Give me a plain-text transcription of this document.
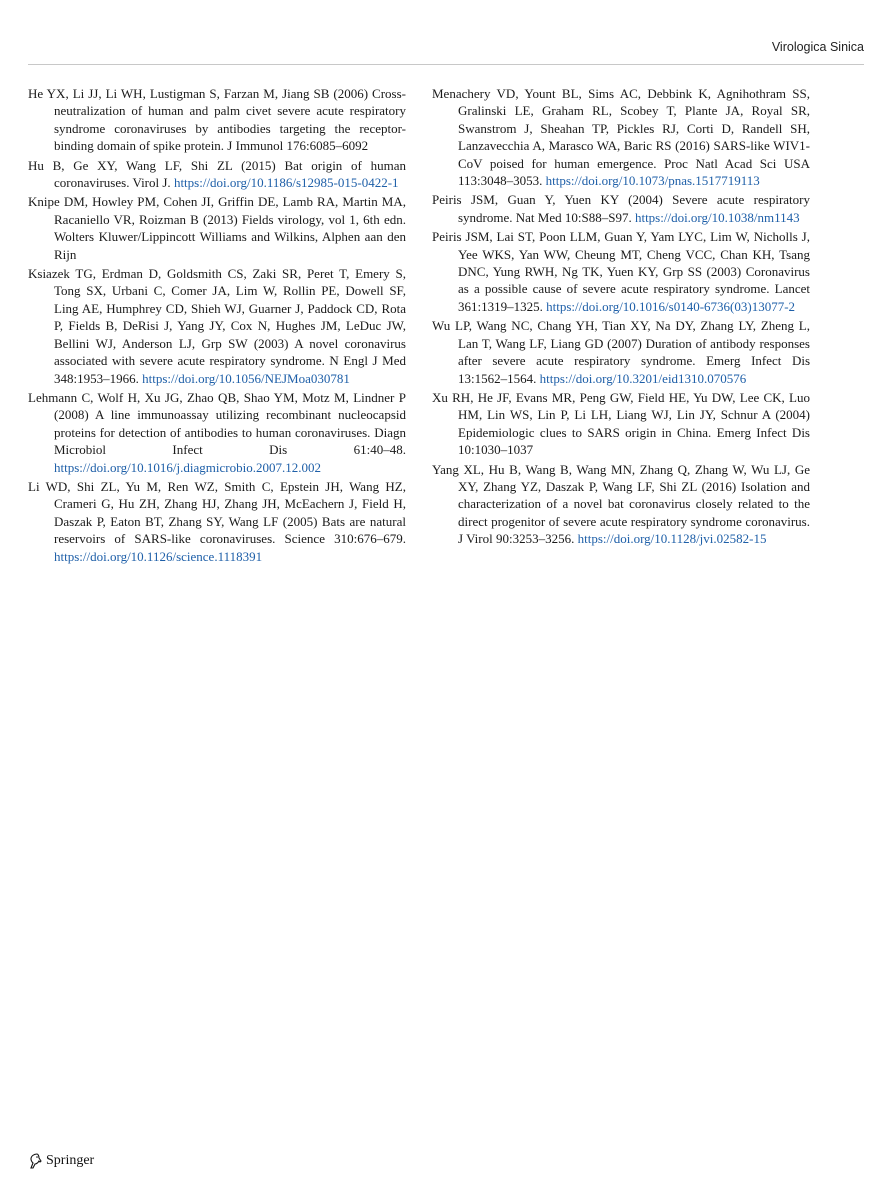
Virologica Sinica

He YX, Li JJ, Li WH, Lustigman S, Farzan M, Jiang SB (2006) Cross-neutralization of human and palm civet severe acute respiratory syndrome coronaviruses by antibodies targeting the receptor-binding domain of spike protein. J Immunol 176:6085–6092

Hu B, Ge XY, Wang LF, Shi ZL (2015) Bat origin of human coronaviruses. Virol J. https://doi.org/10.1186/s12985-015-0422-1

Knipe DM, Howley PM, Cohen JI, Griffin DE, Lamb RA, Martin MA, Racaniello VR, Roizman B (2013) Fields virology, vol 1, 6th edn. Wolters Kluwer/Lippincott Williams and Wilkins, Alphen aan den Rijn

Ksiazek TG, Erdman D, Goldsmith CS, Zaki SR, Peret T, Emery S, Tong SX, Urbani C, Comer JA, Lim W, Rollin PE, Dowell SF, Ling AE, Humphrey CD, Shieh WJ, Guarner J, Paddock CD, Rota P, Fields B, DeRisi J, Yang JY, Cox N, Hughes JM, LeDuc JW, Bellini WJ, Anderson LJ, Grp SW (2003) A novel coronavirus associated with severe acute respiratory syndrome. N Engl J Med 348:1953–1966. https://doi.org/10.1056/NEJMoa030781

Lehmann C, Wolf H, Xu JG, Zhao QB, Shao YM, Motz M, Lindner P (2008) A line immunoassay utilizing recombinant nucleocapsid proteins for detection of antibodies to human coronaviruses. Diagn Microbiol Infect Dis 61:40–48. https://doi.org/10.1016/j.diagmicrobio.2007.12.002

Li WD, Shi ZL, Yu M, Ren WZ, Smith C, Epstein JH, Wang HZ, Crameri G, Hu ZH, Zhang HJ, Zhang JH, McEachern J, Field H, Daszak P, Eaton BT, Zhang SY, Wang LF (2005) Bats are natural reservoirs of SARS-like coronaviruses. Science 310:676–679. https://doi.org/10.1126/science.1118391

Menachery VD, Yount BL, Sims AC, Debbink K, Agnihothram SS, Gralinski LE, Graham RL, Scobey T, Plante JA, Royal SR, Swanstrom J, Sheahan TP, Pickles RJ, Corti D, Randell SH, Lanzavecchia A, Marasco WA, Baric RS (2016) SARS-like WIV1-CoV poised for human emergence. Proc Natl Acad Sci USA 113:3048–3053. https://doi.org/10.1073/pnas.1517719113

Peiris JSM, Guan Y, Yuen KY (2004) Severe acute respiratory syndrome. Nat Med 10:S88–S97. https://doi.org/10.1038/nm1143

Peiris JSM, Lai ST, Poon LLM, Guan Y, Yam LYC, Lim W, Nicholls J, Yee WKS, Yan WW, Cheung MT, Cheng VCC, Chan KH, Tsang DNC, Yung RWH, Ng TK, Yuen KY, Grp SS (2003) Coronavirus as a possible cause of severe acute respiratory syndrome. Lancet 361:1319–1325. https://doi.org/10.1016/s0140-6736(03)13077-2

Wu LP, Wang NC, Chang YH, Tian XY, Na DY, Zhang LY, Zheng L, Lan T, Wang LF, Liang GD (2007) Duration of antibody responses after severe acute respiratory syndrome. Emerg Infect Dis 13:1562–1564. https://doi.org/10.3201/eid1310.070576

Xu RH, He JF, Evans MR, Peng GW, Field HE, Yu DW, Lee CK, Luo HM, Lin WS, Lin P, Li LH, Liang WJ, Lin JY, Schnur A (2004) Epidemiologic clues to SARS origin in China. Emerg Infect Dis 10:1030–1037

Yang XL, Hu B, Wang B, Wang MN, Zhang Q, Zhang W, Wu LJ, Ge XY, Zhang YZ, Daszak P, Wang LF, Shi ZL (2016) Isolation and characterization of a novel bat coronavirus closely related to the direct progenitor of severe acute respiratory syndrome coronavirus. J Virol 90:3253–3256. https://doi.org/10.1128/jvi.02582-15

Springer
